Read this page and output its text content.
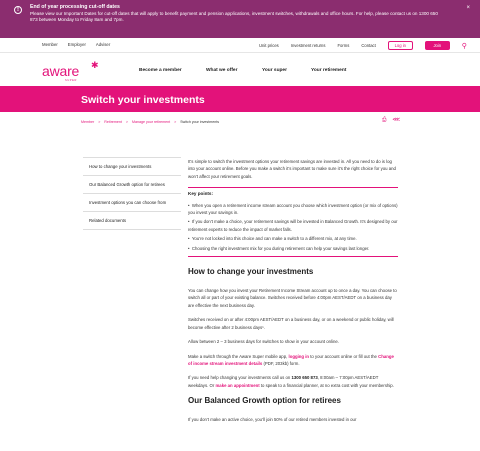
!	End of year processing cut-off dates
Please view our Important Dates for cut-off dates that will apply to benefit payment and pension applications, investment switches, withdrawals and office hours. For help, please contact us on 1300 650 873 between Monday to Friday 8am and 7pm.
×
Member Employer Adviser	Unit prices	Investment returns	Forms	Contact	Log in	Join	⚲
aware ✱
SUPER
Become a member	What we offer	Your super	Your retirement
Switch your investments
Member > Retirement > Manage your retirement > Switch your investments	⎙ ⋘
How to change your investments
Our Balanced Growth option for retirees
Investment options you can choose from
Related documents

It’s simple to switch the investment options your retirement savings are invested in. All you need to do is log into your account online. Before you make a switch it’s important to make sure it’s the right choice for you and won’t affect your retirement goals.

Key points:
•  When you open a retirement income stream account you choose which investment option (or mix of options) you invest your savings in.
•  If you don’t make a choice, your retirement savings will be invested in Balanced Growth. It’s designed by our retirement experts to reduce the impact of market falls.
•  You’re not locked into this choice and can make a switch to a different mix, at any time.
•  Choosing the right investment mix for you during retirement can help your savings last longer.
How to change your investments

You can change how you invest your Retirement Income Stream account up to once a day. You can choose to switch all or part of your existing balance. Switches received before 4:00pm AEST/AEDT on a business day are effective the next business day.

Switches received on or after 4:00pm AEST/AEDT on a business day, or on a weekend or public holiday, will become effective after 2 business days¹.

Allow between 2 – 3 business days for switches to show in your account online.

Make a switch through the Aware Super mobile app, logging in to your account online or fill out the Change of income stream investment details (PDF, 203kb) form.

If you need help changing your investments call us on 1300 650 873, 8:00am – 7:00pm AEST/AEDT weekdays. Or make an appointment to speak to a financial planner, at no extra cost with your membership.

Our Balanced Growth option for retirees

If you don’t make an active choice, you’ll join 50% of our retired members invested in our
